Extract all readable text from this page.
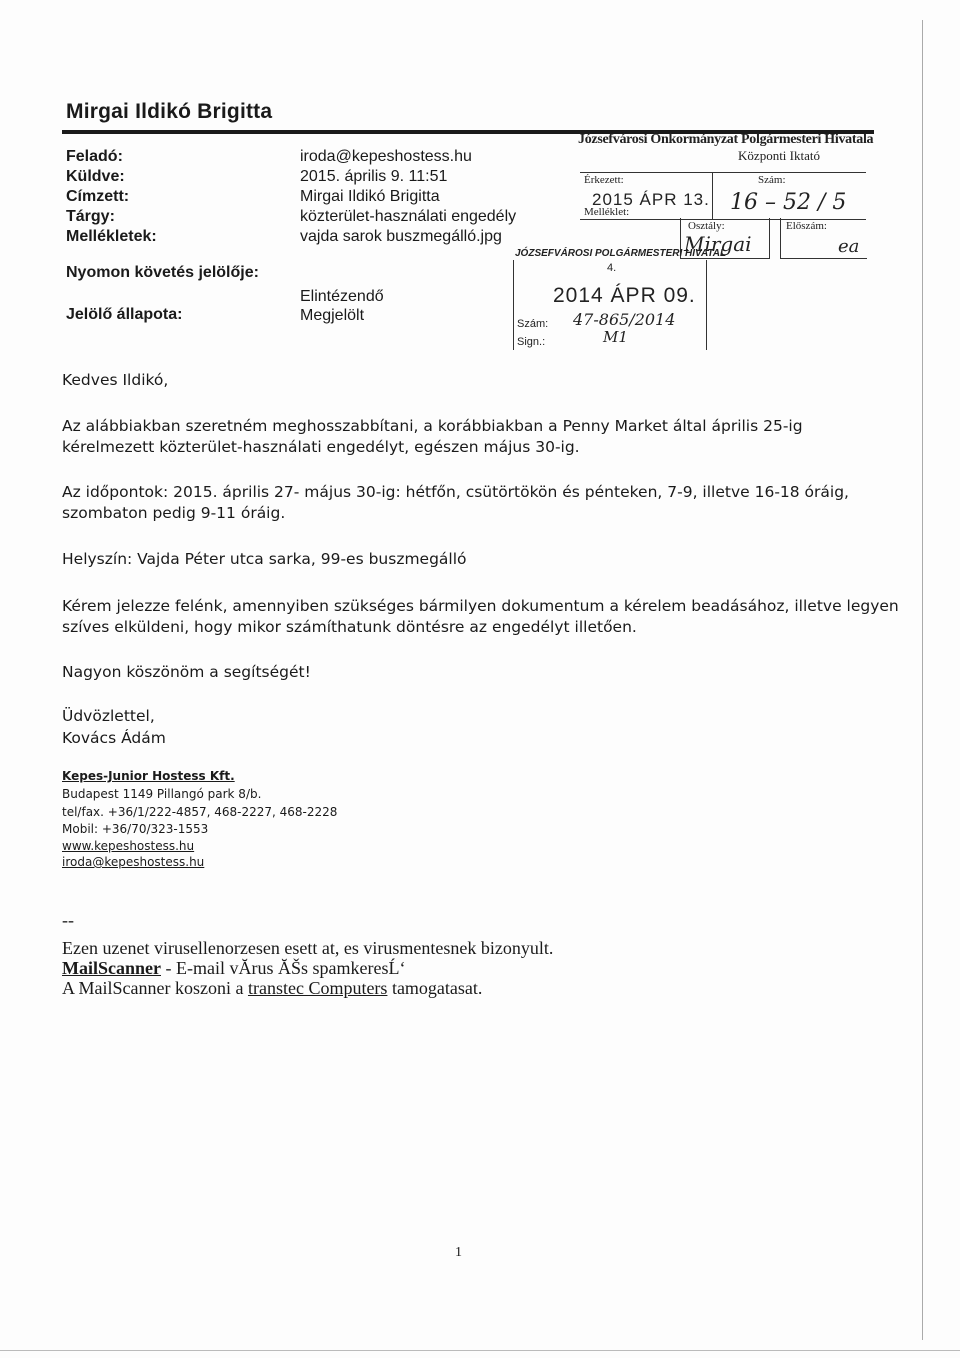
Mirgai Ildikó Brigitta
Feladó:	iroda@kepeshostess.hu
Küldve:	2015. április 9. 11:51
Címzett:	Mirgai Ildikó Brigitta
Tárgy:	közterület-használati engedély
Mellékletek:	vajda sarok buszmegálló.jpg
Nyomon követés jelölője:
Elintézendő
Jelölő állapota:	Megjelölt
Józsefvárosi Önkormányzat Polgármesteri Hivatala
Központi Iktató
Érkezett:
2015 ÁPR 13.
Szám:
16 – 52 / 5
Melléklet:
Osztály:	Előszám:
Mirgai	ea
JÓZSEFVÁROSI POLGÁRMESTERI HIVATAL
4.
2014 ÁPR 09.
Szám: 47-865/2014
Sign.:	M1
Kedves Ildikó,
Az alábbiakban szeretném meghosszabbítani, a korábbiakban a Penny Market által április 25-ig
kérelmezett közterület-használati engedélyt, egészen május 30-ig.
Az időpontok: 2015. április 27- május 30-ig: hétfőn, csütörtökön és pénteken, 7-9, illetve 16-18 óráig,
szombaton pedig 9-11 óráig.
Helyszín: Vajda Péter utca sarka, 99-es buszmegálló
Kérem jelezze felénk, amennyiben szükséges bármilyen dokumentum a kérelem beadásához, illetve legyen
szíves elküldeni, hogy mikor számíthatunk döntésre az engedélyt illetően.
Nagyon köszönöm a segítségét!
Üdvözlettel,
Kovács Ádám
Kepes-Junior Hostess Kft.
Budapest 1149 Pillangó park 8/b.
tel/fax. +36/1/222-4857, 468-2227, 468-2228
Mobil: +36/70/323-1553
www.kepeshostess.hu
iroda@kepeshostess.hu
--
Ezen uzenet virusellenorzesen esett at, es virusmentesnek bizonyult.
MailScanner - E-mail vĂrus ĂŠs spamkeresĹ‘
A MailScanner koszoni a transtec Computers tamogatasat.
1
